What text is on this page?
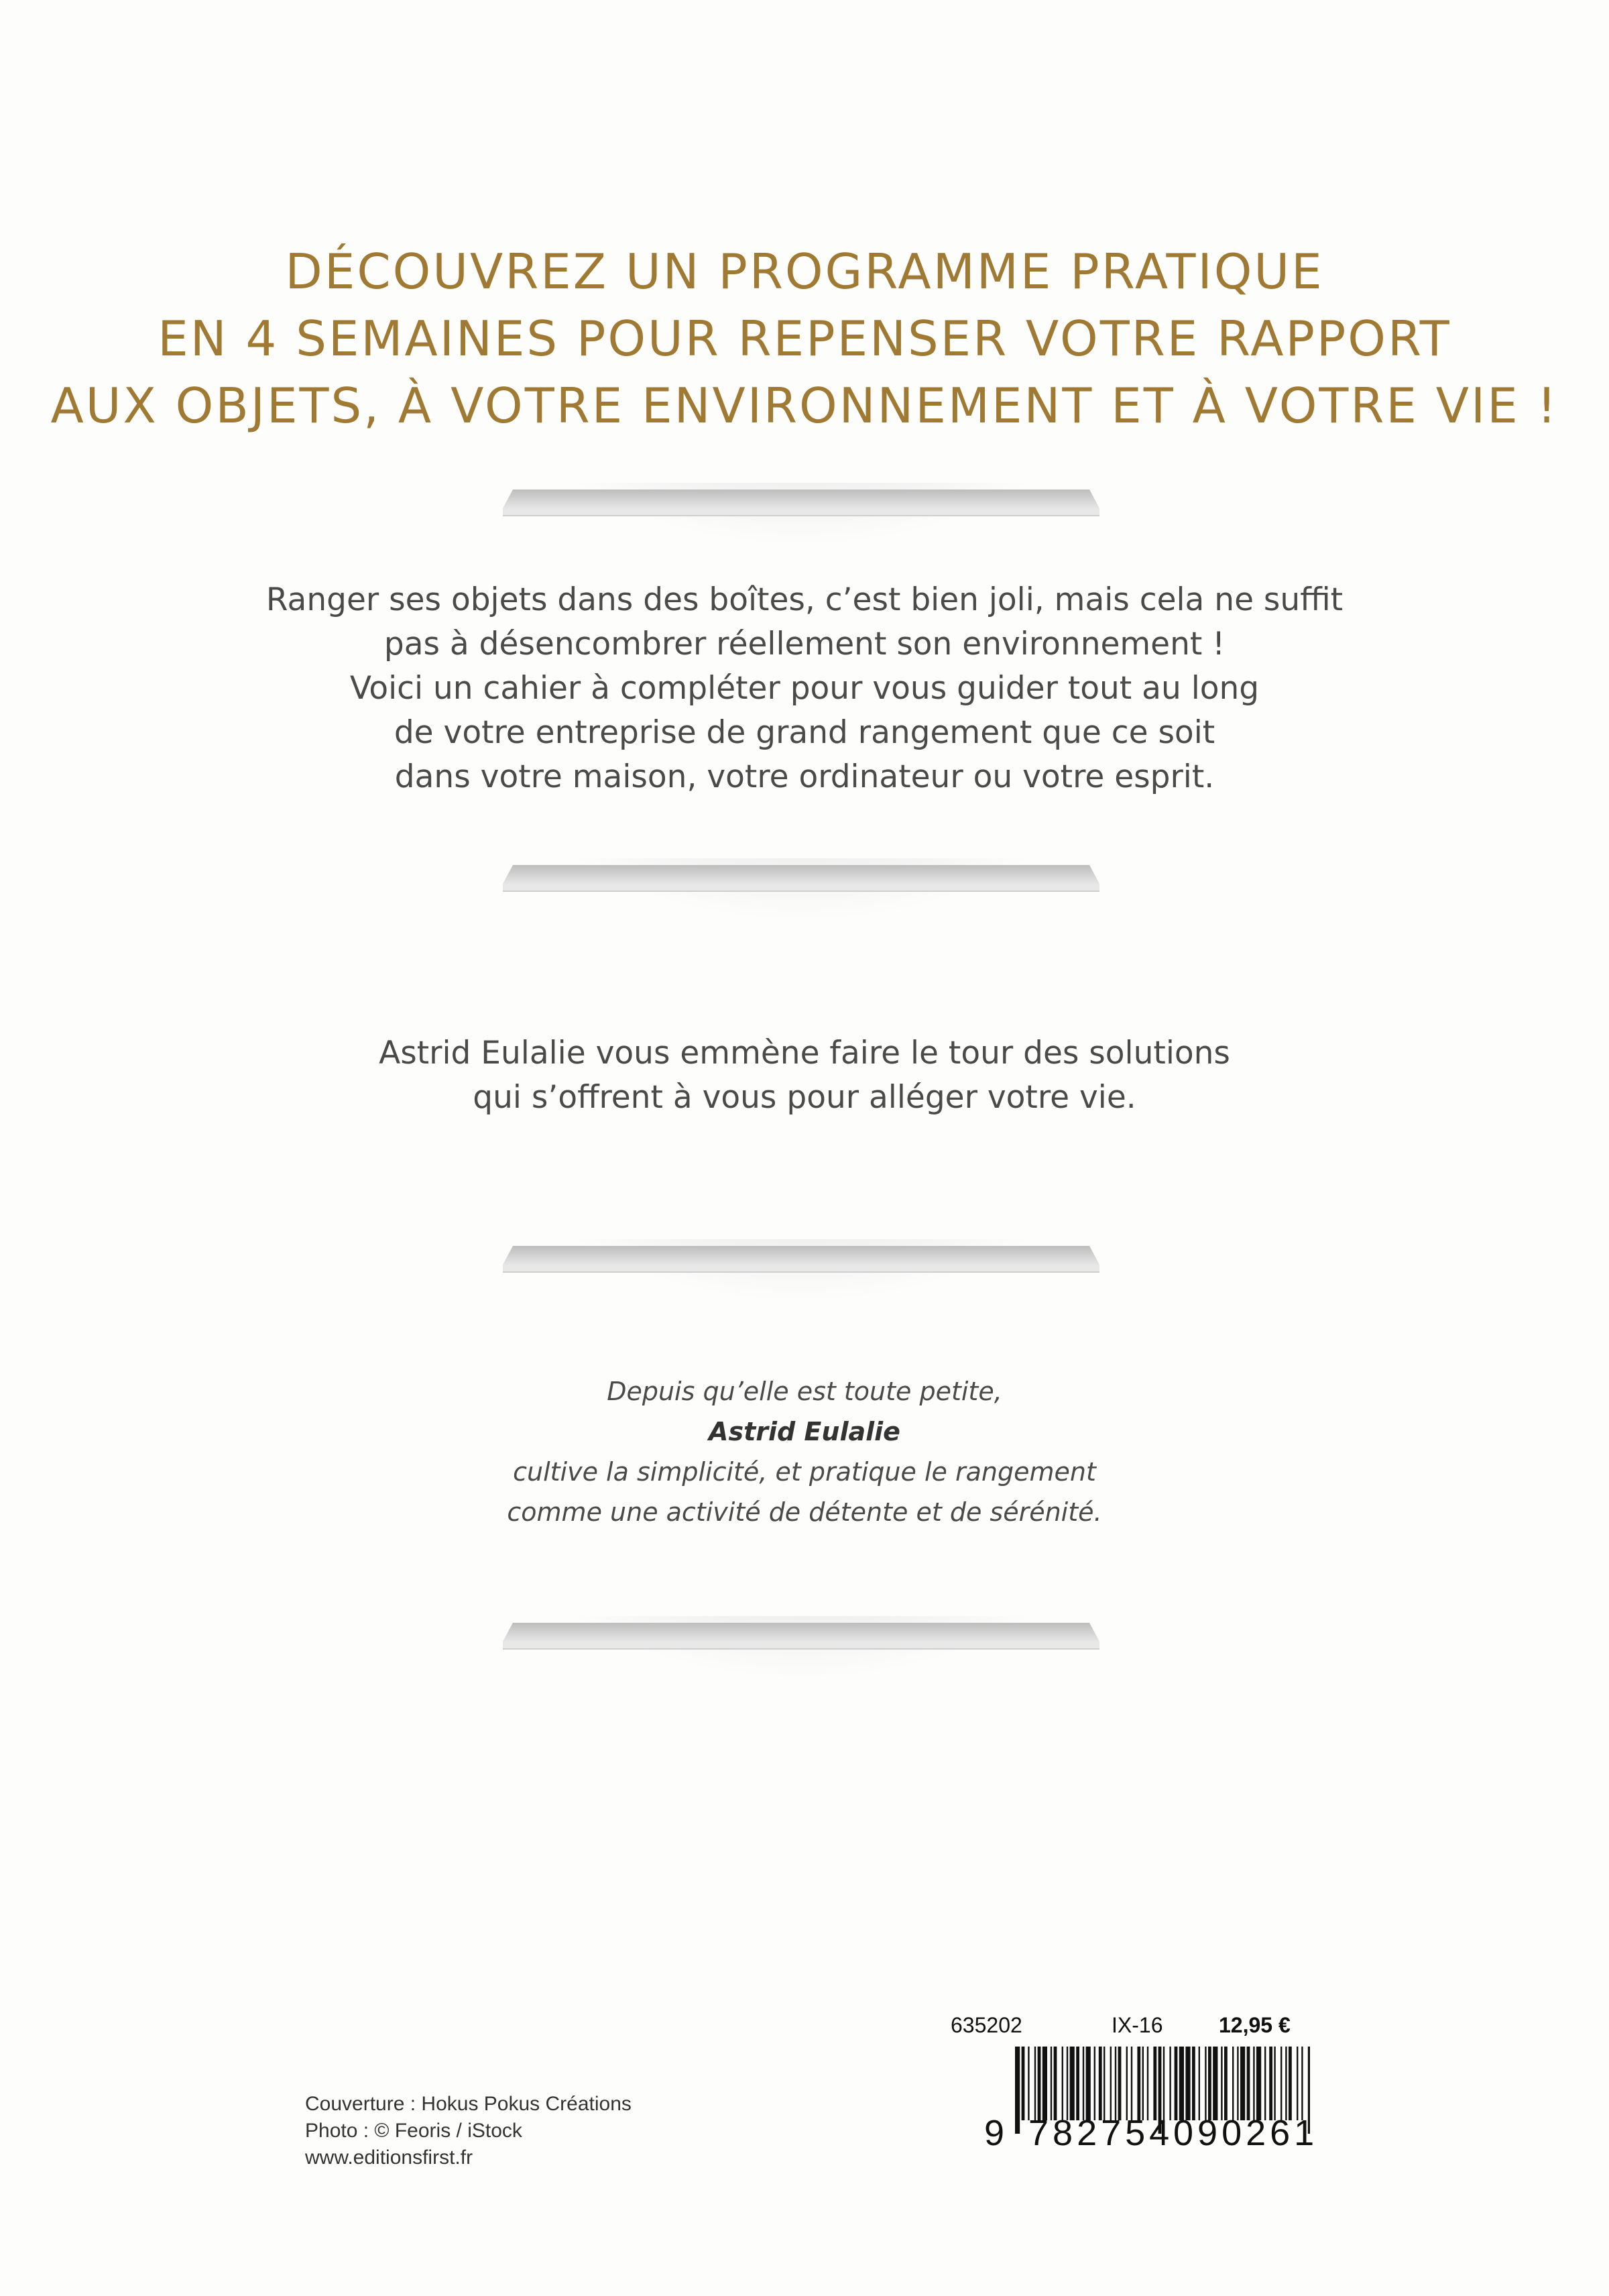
DÉCOUVREZ UN PROGRAMME PRATIQUE
EN 4 SEMAINES POUR REPENSER VOTRE RAPPORT
AUX OBJETS, À VOTRE ENVIRONNEMENT ET À VOTRE VIE !
Ranger ses objets dans des boîtes, c’est bien joli, mais cela ne suffit
pas à désencombrer réellement son environnement !
Voici un cahier à compléter pour vous guider tout au long
de votre entreprise de grand rangement que ce soit
dans votre maison, votre ordinateur ou votre esprit.
Astrid Eulalie vous emmène faire le tour des solutions
qui s’offrent à vous pour alléger votre vie.
Depuis qu’elle est toute petite,
Astrid Eulalie
cultive la simplicité, et pratique le rangement
comme une activité de détente et de sérénité.
Couverture : Hokus Pokus Créations
Photo : © Feoris / iStock
www.editionsfirst.fr
635202	IX-16	12,95 €
9 782754 090261
